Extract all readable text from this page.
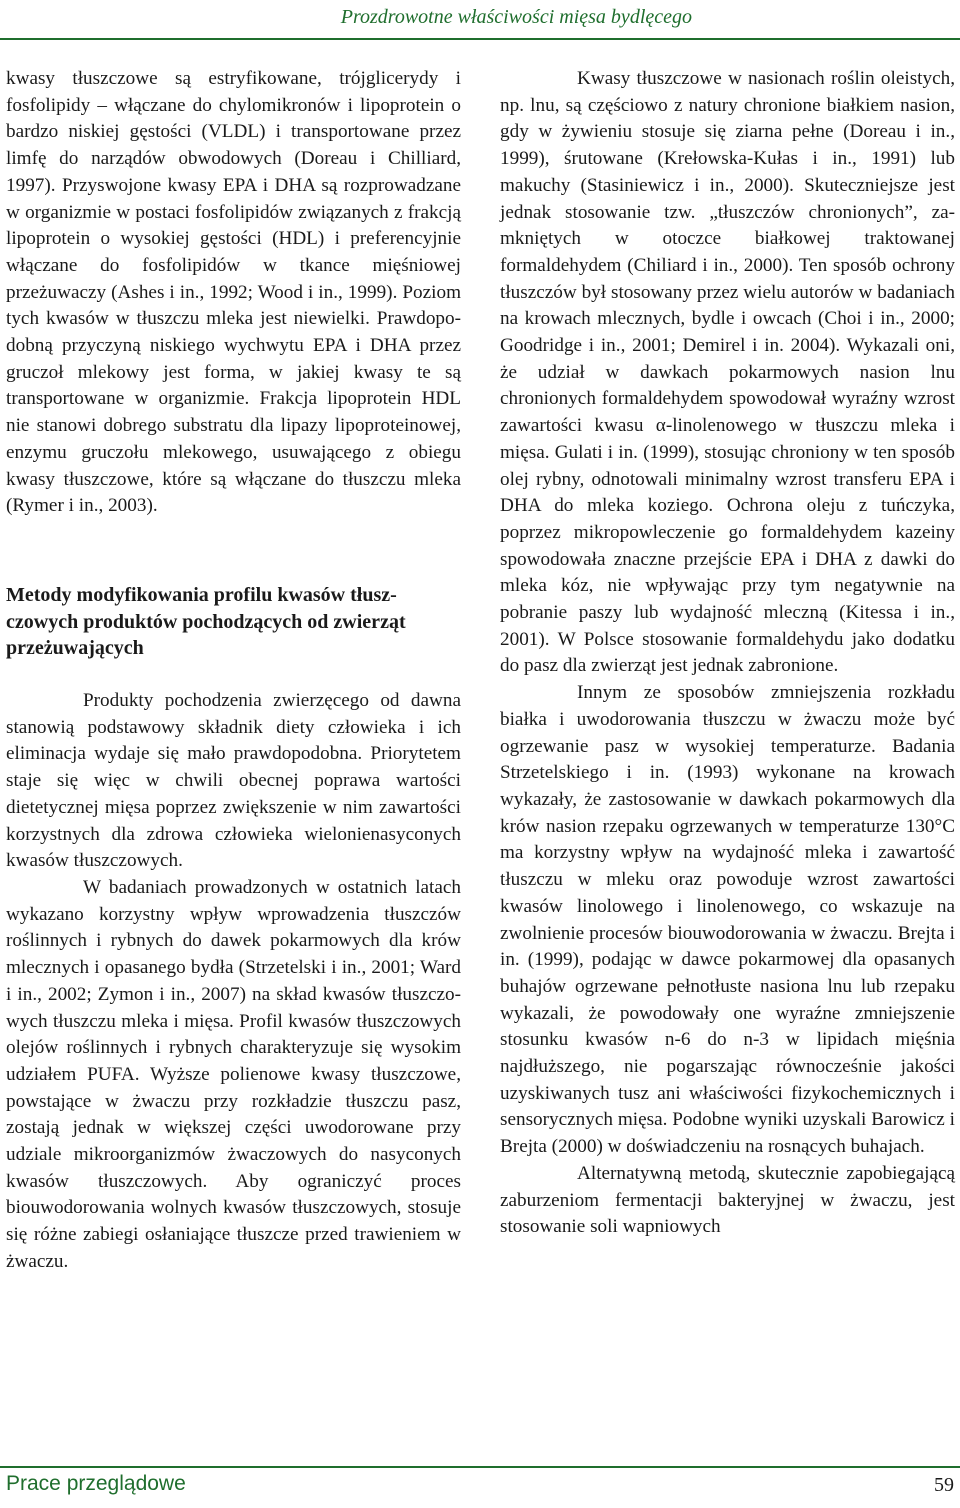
Prozdrowotne właściwości mięsa bydlęcego

kwasy tłuszczowe są estryfikowane, trójglicerydy i fosfolipidy – włączane do chylomikronów i lipoprotein o bardzo niskiej gęstości (VLDL) i transportowane przez limfę do narządów obwodowych (Doreau i Chilliard, 1997). Przyswojone kwasy EPA i DHA są rozprowadzane w organizmie w postaci fosfolipidów związanych z frakcją lipoprotein o wysokiej gęstości (HDL) i preferencyjnie włączane do fosfolipidów w tkance mięśniowej przeżuwaczy (Ashes i in., 1992; Wood i in., 1999). Poziom tych kwasów w tłuszczu mleka jest niewielki. Prawdopodobną przyczyną niskiego wychwytu EPA i DHA przez gruczoł mlekowy jest forma, w jakiej kwasy te są transportowane w organizmie. Frakcja lipoprotein HDL nie stanowi dobrego substratu dla lipazy lipoproteinowej, enzymu gruczołu mlekowego, usuwającego z obiegu kwasy tłuszczowe, które są włączane do tłuszczu mleka (Rymer i in., 2003).

Metody modyfikowania profilu kwasów tłuszczowych produktów pochodzących od zwierząt przeżuwających

Produkty pochodzenia zwierzęcego od dawna stanowią podstawowy składnik diety człowieka i ich eliminacja wydaje się mało prawdopodobna. Priorytetem staje się więc w chwili obecnej poprawa wartości dietetycznej mięsa poprzez zwiększenie w nim zawartości korzystnych dla zdrowa człowieka wielonienasyconych kwasów tłuszczowych.

W badaniach prowadzonych w ostatnich latach wykazano korzystny wpływ wprowadzenia tłuszczów roślinnych i rybnych do dawek pokarmowych dla krów mlecznych i opasanego bydła (Strzetelski i in., 2001; Ward i in., 2002; Zymon i in., 2007) na skład kwasów tłuszczowych tłuszczu mleka i mięsa. Profil kwasów tłuszczowych olejów roślinnych i rybnych charakteryzuje się wysokim udziałem PUFA. Wyższe polienowe kwasy tłuszczowe, powstające w żwaczu przy rozkładzie tłuszczu pasz, zostają jednak w większej części uwodorowane przy udziale mikroorganizmów żwaczowych do nasyconych kwasów tłuszczowych. Aby ograniczyć proces biouwodorowania wolnych kwasów tłuszczowych, stosuje się różne zabiegi osłaniające tłuszcze przed trawieniem w żwaczu.

Kwasy tłuszczowe w nasionach roślin oleistych, np. lnu, są częściowo z natury chronione białkiem nasion, gdy w żywieniu stosuje się ziarna pełne (Doreau i in., 1999), śrutowane (Krełowska-Kułas i in., 1991) lub makuchy (Stasiniewicz i in., 2000). Skuteczniejsze jest jednak stosowanie tzw. „tłuszczów chronionych”, zamkniętych w otoczce białkowej traktowanej formaldehydem (Chiliard i in., 2000). Ten sposób ochrony tłuszczów był stosowany przez wielu autorów w badaniach na krowach mlecznych, bydle i owcach (Choi i in., 2000; Goodridge i in., 2001; Demirel i in. 2004). Wykazali oni, że udział w dawkach pokarmowych nasion lnu chronionych formaldehydem spowodował wyraźny wzrost zawartości kwasu α-linolenowego w tłuszczu mleka i mięsa. Gulati i in. (1999), stosując chroniony w ten sposób olej rybny, odnotowali minimalny wzrost transferu EPA i DHA do mleka koziego. Ochrona oleju z tuńczyka, poprzez mikropowleczenie go formaldehydem kazeiny spowodowała znaczne przejście EPA i DHA z dawki do mleka kóz, nie wpływając przy tym negatywnie na pobranie paszy lub wydajność mleczną (Kitessa i in., 2001). W Polsce stosowanie formaldehydu jako dodatku do pasz dla zwierząt jest jednak zabronione.

Innym ze sposobów zmniejszenia rozkładu białka i uwodorowania tłuszczu w żwaczu może być ogrzewanie pasz w wysokiej temperaturze. Badania Strzetelskiego i in. (1993) wykonane na krowach wykazały, że zastosowanie w dawkach pokarmowych dla krów nasion rzepaku ogrzewanych w temperaturze 130°C ma korzystny wpływ na wydajność mleka i zawartość tłuszczu w mleku oraz powoduje wzrost zawartości kwasów linolowego i linolenowego, co wskazuje na zwolnienie procesów biouwodorowania w żwaczu. Brejta i in. (1999), podając w dawce pokarmowej dla opasanych buhajów ogrzewane pełnotłuste nasiona lnu lub rzepaku wykazali, że powodowały one wyraźne zmniejszenie stosunku kwasów n-6 do n-3 w lipidach mięśnia najdłuższego, nie pogarszając równocześnie jakości uzyskiwanych tusz ani właściwości fizykochemicznych i sensorycznych mięsa. Podobne wyniki uzyskali Barowicz i Brejta (2000) w doświadczeniu na rosnących buhajach.

Alternatywną metodą, skutecznie zapobiegającą zaburzeniom fermentacji bakteryjnej w żwaczu, jest stosowanie soli wapniowych

Prace przeglądowe	59
